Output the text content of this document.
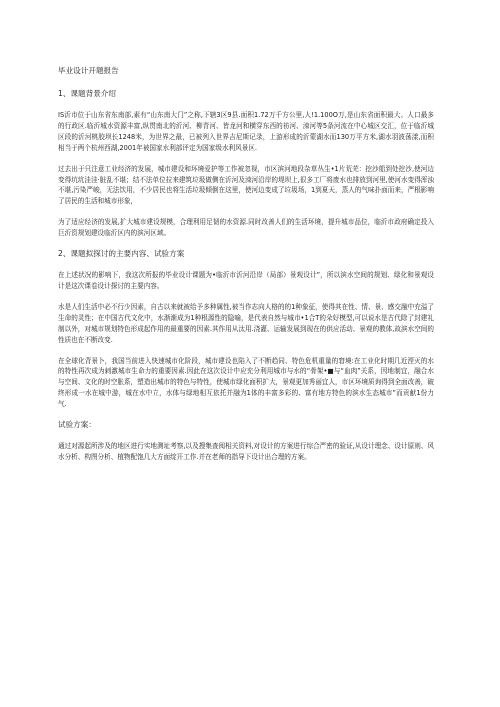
毕业设计开题报告
1、课题背景介绍

IS沂市位于山东省东南部,素有“山东南大门”之称,下辖3区9县.面积1.72万千方公里,人!1.100O万,是山东省面积最大、人口最多的行政区.临沂城水资源丰富,纵贯南北的沂河、柳青河、皆龙河和横穿东西的祊河、洓河等5条河流在中心城区交汇，位于临沂城区段的沂河桃胶坝长1248米，为世界之最，已被列入世界吉尼斯记录，上游形成的沂蒙湖水而130万平方米,湖水羽波荡漾,而积相当于两个杭州西湖,2001年被国家水利部评定为国家级水利风景区.

过去出于只注意工业经济的发展，城市建设和环境爱护等工作被忽视，市区滨河地段杂草丛生•1片荒芜：挖沙船到处挖沙,使河边变得坑坑洼洼·脏乱不堪；结不法单位拉来建筑垃圾做侧在沂河及洓河沿岸的堤坝上,很多工厂将废水也排放到河里,使河水变得浑浊不堪,污染严峻，无法饮用，不少居民也将生活垃圾倾倒在这里，使河边变成了垃圾场，1到夏天，蒸人的气味扑面而来，严根影响了居民的生活和城市形象，

为了适应经济的发展,扩大城市建设规模，合理利用足韧的水资源.同时改善人们的生活环境，提升城市品位，临沂市政府确定投入巨沂资规划建设临沂区内的滨河区域。

2、课题拟探讨的主要内容、试验方案

在上述状况的影响下，我这次所报的毕业设计课题为•临沂市沂河沿岸（局部）景观设计”，所以滨水空间的规划、绿化和景观设计是这次课卷设计探讨的主要内容。

水是人们生活中必不行少因素，自古以来就被给予多种属性,被当作志向人格的的1种象征，使得其在性、情、景、感交融中充溢了生命的灵性；在中国古代文化中，水渐渐成为1种根源性的隐喻，是代表自然与城市•1合T的朵好模型,可以说水是古代除了封建礼制以外，对城市规划特色形成起作用的最重要的因素.其作用从汰用.浇灌、运输发展到现在的供应活动、景观的教体,故滨水空间的性质也在不断改变.

在全球化背景卜，我国当前进入快速城市化阶段，城市建设也陷入了不断趋同、特色危机重量的窘境:在工业化时期几近湮灭的水的特性再次成为刺激城市生命力的重要因素.因此在这次设计中应充分利用城市与水的“骨架•■与“血肉”关系，因地制宜，融合水与空间、文化的时空胀系，塑造出城市的特色与特性，使城市绿化面积扩大，景观更加秀丽宜人，市区环境质询得到全面改善，破终形成一水在城中游，城在水中立，水体与绿地相互依托并融为1体的丰富多彩的、富有地方特色的滨水生态城市”而贡献1份力气.

试验方案：

通过对源起所涉及的地区进行实地测址考察,以及搜集查阅相关资料,对设计的方案进行综合严密的验证,从设计理念、设计原则、风水分析、构图分析、植物配饱几大方面绽开工作.并在老师的指导下设计出合理的方案。
